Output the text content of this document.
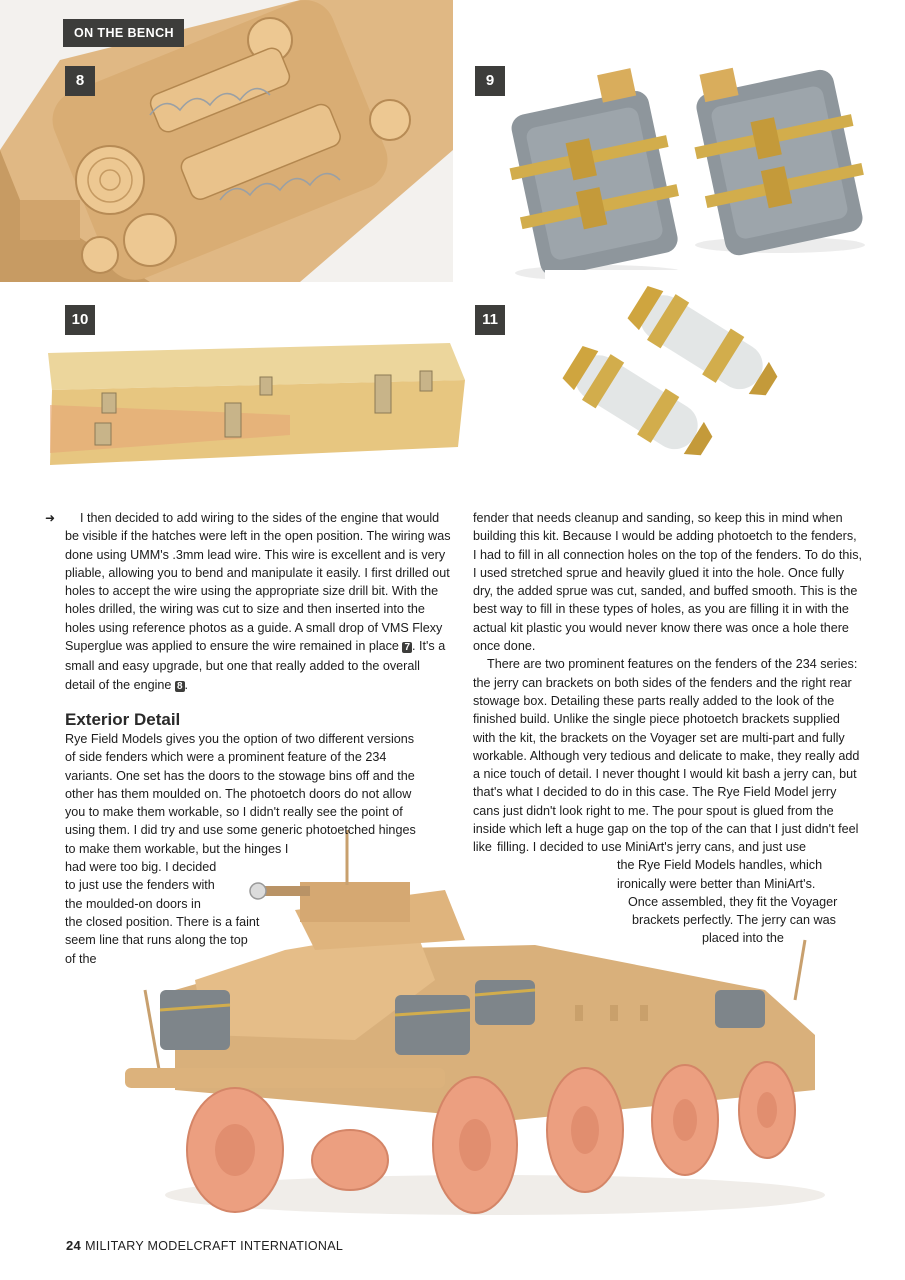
ON THE BENCH
8	9
10	11
➜	I then decided to add wiring to the sides of the engine that would be visible if the hatches were left in the open position. The wiring was done using UMM's .3mm lead wire. This wire is excellent and is very pliable, allowing you to bend and manipulate it easily. I first drilled out holes to accept the wire using the appropriate size drill bit. With the holes drilled, the wiring was cut to size and then inserted into the holes using reference photos as a guide. A small drop of VMS Flexy Superglue was applied to ensure the wire remained in place 7 . It's a small and easy upgrade, but one that really added to the overall detail of the engine 8 .

Exterior Detail

Rye Field Models gives you the option of two different versions
of side fenders which were a prominent feature of the 234
variants. One set has the doors to the stowage bins off and the
other has them moulded on. The photoetch doors do not allow
you to make them workable, so I didn't really see the point of
using them. I did try and use some generic photoetched hinges
to make them workable, but the hinges I
had were too big. I decided
to just use the fenders with
the moulded-on doors in
the closed position. There is a faint
seem line that runs along the top
of the

fender that needs cleanup and sanding, so keep this in mind when building this kit. Because I would be adding photoetch to the fenders, I had to fill in all connection holes on the top of the fenders. To do this, I used stretched sprue and heavily glued it into the hole. Once fully dry, the added sprue was cut, sanded, and buffed smooth. This is the best way to fill in these types of holes, as you are filling it in with the actual kit plastic you would never know there was once a hole there once done.

There are two prominent features on the fenders of the 234 series: the jerry can brackets on both sides of the fenders and the right rear stowage box. Detailing these parts really added to the look of the finished build. Unlike the single piece photoetch brackets supplied with the kit, the brackets on the Voyager set are multi-part and fully workable. Although very tedious and delicate to make, they really add a nice touch of detail. I never thought I would kit bash a jerry can, but that's what I decided to do in this case. The Rye Field Model jerry cans just didn't look right to me. The pour spout is glued from the inside which left a huge gap on the top of the can that I just didn't feel like filling. I decided to use MiniArt's jerry cans, and just use
the Rye Field Models handles, which
ironically were better than MiniArt's.
Once assembled, they fit the Voyager
brackets perfectly. The jerry can was
placed into the
24 MILITARY MODELCRAFT INTERNATIONAL
